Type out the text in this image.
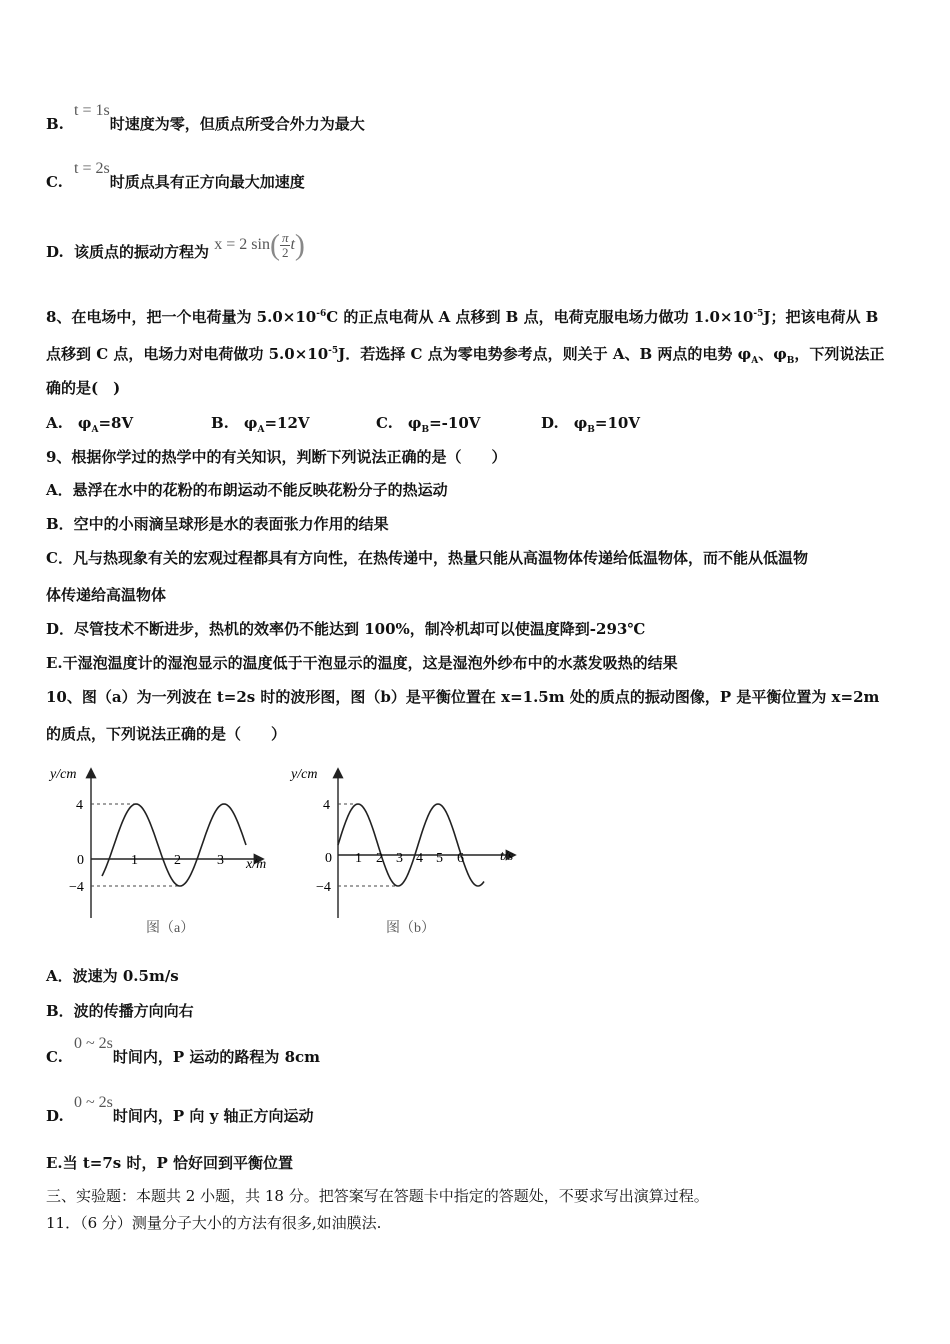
B.t = 1s时速度为零，但质点所受合外力为最大
C.t = 2s时质点具有正方向最大加速度
D. 该质点的振动方程为 x = 2 $\sin( \frac{\pi}{2} t)$
8、在电场中，把一个电荷量为 $5.0\times 10^{-6}C$ 的正点电荷从 A 点移到 B 点，电荷克服电场力做功 $1.0\times 10^{-5}J$；把该电荷从 B
点移到 C 点，电场力对电荷做功 $5.0\times 10^{-5}J$．若选择 C 点为零电势参考点，则关于 A、B 两点的电势 $\varphi_A$、$\varphi_B$，下列说法正
确的是(　)
A.　 $\varphi_A=8V$	B.　 $\varphi_A=12V$	C.　 $\varphi_B=-10V$	D.　 $\varphi_B=10V$
9、根据你学过的热学中的有关知识，判断下列说法正确的是（　　）
A．悬浮在水中的花粉的布朗运动不能反映花粉分子的热运动
B．空中的小雨滴呈球形是水的表面张力作用的结果
C．凡与热现象有关的宏观过程都具有方向性，在热传递中，热量只能从高温物体传递给低温物体，而不能从低温物
体传递给高温物体
D．尽管技术不断进步，热机的效率仍不能达到 100%，制冷机却可以使温度降到-293℃
E.干湿泡温度计的湿泡显示的温度低于干泡显示的温度，这是湿泡外纱布中的水蒸发吸热的结果
10、图（a）为一列波在 t=2s 时的波形图，图（b）是平衡位置在 x=1.5m 处的质点的振动图像，P 是平衡位置为 x=2m
的质点，下列说法正确的是（　　）
y/cm
x/m
4
−4
0	1	2	3
图（a）
y/cm
t/s
4
−4
0 1 2 3 4 5 6
图（b）
A．波速为 0.5m/s
B．波的传播方向向右
C.0 ~ 2s时间内，P 运动的路程为 8cm
D.0 ~ 2s时间内，P 向 y 轴正方向运动
E.当 t=7s 时，P 恰好回到平衡位置
三、实验题：本题共 2 小题，共 18 分。把答案写在答题卡中指定的答题处，不要求写出演算过程。
11．（6 分）测量分子大小的方法有很多,如油膜法.
